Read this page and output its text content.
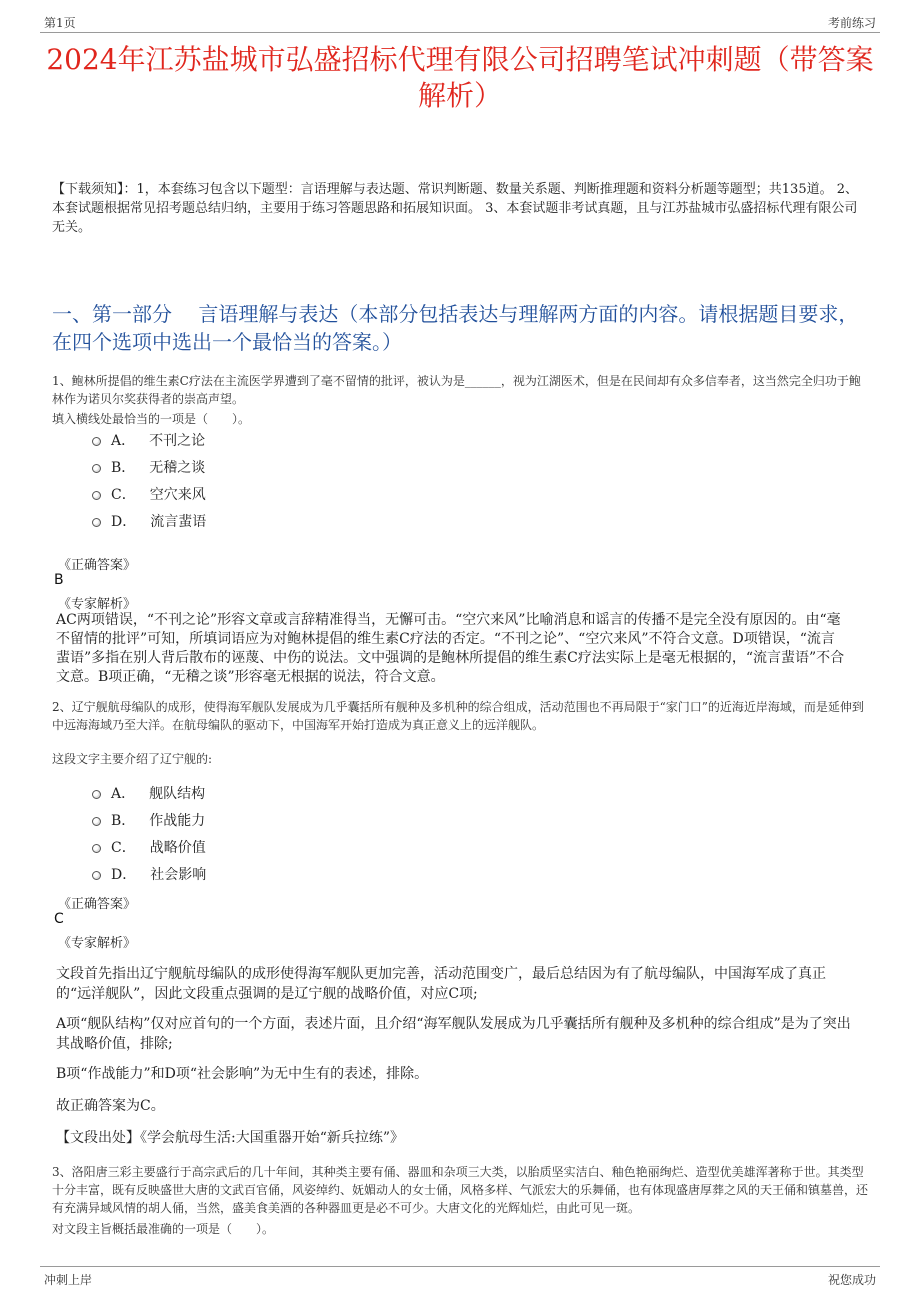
第1页	考前练习
2024年江苏盐城市弘盛招标代理有限公司招聘笔试冲刺题（带答案解析）
【下载须知】：1，本套练习包含以下题型：言语理解与表达题、常识判断题、数量关系题、判断推理题和资料分析题等题型；共135道。 2、本套试题根据常见招考题总结归纳，主要用于练习答题思路和拓展知识面。 3、本套试题非考试真题，且与江苏盐城市弘盛招标代理有限公司无关。
一、第一部分　 言语理解与表达（本部分包括表达与理解两方面的内容。请根据题目要求，在四个选项中选出一个最恰当的答案。）
1、鲍林所提倡的维生素C疗法在主流医学界遭到了毫不留情的批评，被认为是______，视为江湖医术，但是在民间却有众多信奉者，这当然完全归功于鲍林作为诺贝尔奖获得者的崇高声望。
填入横线处最恰当的一项是（　　）。
A． 不刊之论
B． 无稽之谈
C． 空穴来风
D． 流言蜚语
《正确答案》
B
《专家解析》
AC两项错误，“不刊之论”形容文章或言辞精准得当，无懈可击。“空穴来风”比喻消息和谣言的传播不是完全没有原因的。由“毫不留情的批评”可知，所填词语应为对鲍林提倡的维生素C疗法的否定。“不刊之论”、“空穴来风”不符合文意。D项错误，“流言蜚语”多指在别人背后散布的诬蔑、中伤的说法。文中强调的是鲍林所提倡的维生素C疗法实际上是毫无根据的，“流言蜚语”不合文意。B项正确，“无稽之谈”形容毫无根据的说法，符合文意。
2、辽宁舰航母编队的成形，使得海军舰队发展成为几乎囊括所有舰种及多机种的综合组成，活动范围也不再局限于“家门口”的近海近岸海域，而是延伸到中远海海域乃至大洋。在航母编队的驱动下，中国海军开始打造成为真正意义上的远洋舰队。
这段文字主要介绍了辽宁舰的:
A． 舰队结构
B． 作战能力
C． 战略价值
D． 社会影响
《正确答案》
C
《专家解析》
文段首先指出辽宁舰航母编队的成形使得海军舰队更加完善，活动范围变广，最后总结因为有了航母编队，中国海军成了真正的“远洋舰队”，因此文段重点强调的是辽宁舰的战略价值，对应C项;
A项“舰队结构”仅对应首句的一个方面，表述片面，且介绍“海军舰队发展成为几乎囊括所有舰种及多机种的综合组成”是为了突出其战略价值，排除;
B项“作战能力”和D项“社会影响”为无中生有的表述，排除。
故正确答案为C。
【文段出处】《学会航母生活:大国重器开始“新兵拉练”》
3、洛阳唐三彩主要盛行于高宗武后的几十年间，其种类主要有俑、器皿和杂项三大类，以胎质坚实洁白、釉色艳丽绚烂、造型优美雄浑著称于世。其类型十分丰富，既有反映盛世大唐的文武百官俑，风姿绰约、妩媚动人的女士俑，风格多样、气派宏大的乐舞俑，也有体现盛唐厚葬之风的天王俑和镇墓兽，还有充满异域风情的胡人俑，当然，盛美食美酒的各种器皿更是必不可少。大唐文化的光辉灿烂，由此可见一斑。
对文段主旨概括最准确的一项是（　　）。
冲刺上岸	祝您成功
